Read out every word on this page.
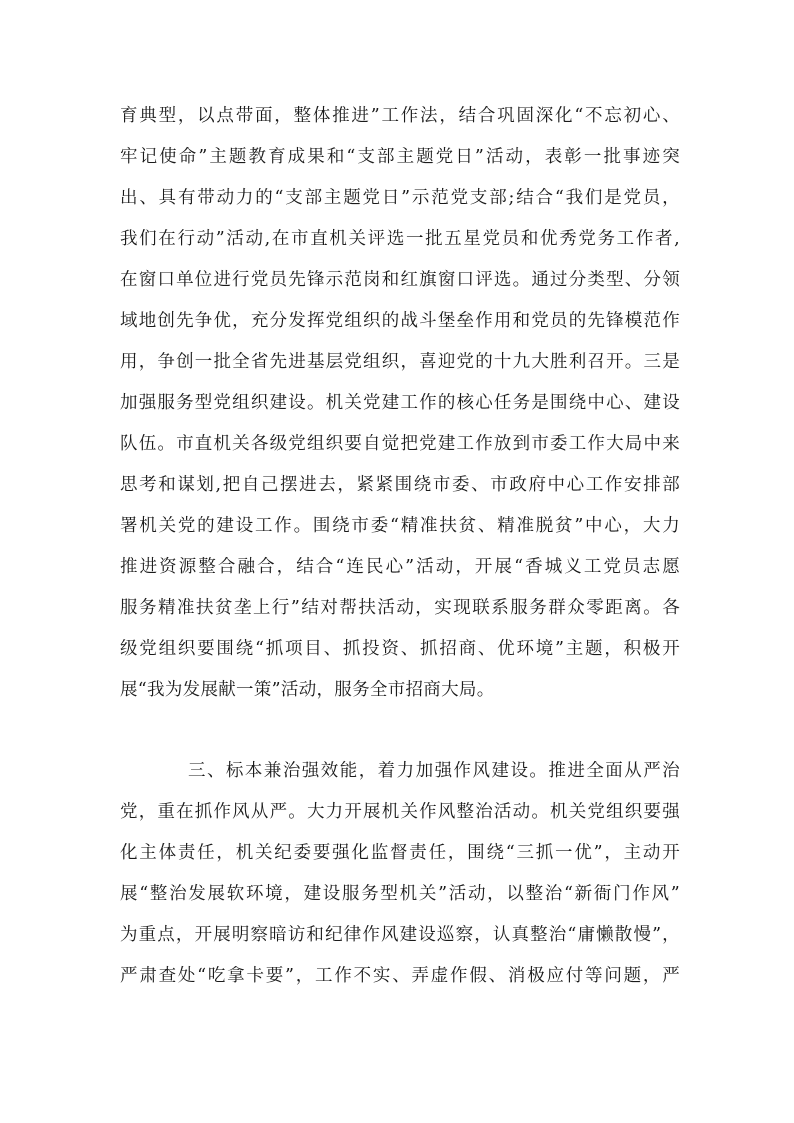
育典型，以点带面，整体推进”工作法，结合巩固深化“不忘初心、
牢记使命”主题教育成果和“支部主题党日”活动，表彰一批事迹突
出、具有带动力的“支部主题党日”示范党支部;结合“我们是党员，
我们在行动”活动,在市直机关评选一批五星党员和优秀党务工作者,
在窗口单位进行党员先锋示范岗和红旗窗口评选。通过分类型、分领
域地创先争优，充分发挥党组织的战斗堡垒作用和党员的先锋模范作
用，争创一批全省先进基层党组织，喜迎党的十九大胜利召开。三是
加强服务型党组织建设。机关党建工作的核心任务是围绕中心、建设
队伍。市直机关各级党组织要自觉把党建工作放到市委工作大局中来
思考和谋划,把自己摆进去，紧紧围绕市委、市政府中心工作安排部
署机关党的建设工作。围绕市委“精准扶贫、精准脱贫”中心，大力
推进资源整合融合，结合“连民心”活动，开展“香城义工党员志愿
服务精准扶贫垄上行”结对帮扶活动，实现联系服务群众零距离。各
级党组织要围绕“抓项目、抓投资、抓招商、优环境”主题，积极开
展“我为发展献一策”活动，服务全市招商大局。
三、标本兼治强效能，着力加强作风建设。推进全面从严治
党，重在抓作风从严。大力开展机关作风整治活动。机关党组织要强
化主体责任，机关纪委要强化监督责任，围绕“三抓一优”，主动开
展“整治发展软环境，建设服务型机关”活动，以整治“新衙门作风”
为重点，开展明察暗访和纪律作风建设巡察，认真整治“庸懒散慢”，
严肃查处“吃拿卡要”，工作不实、弄虚作假、消极应付等问题，严
